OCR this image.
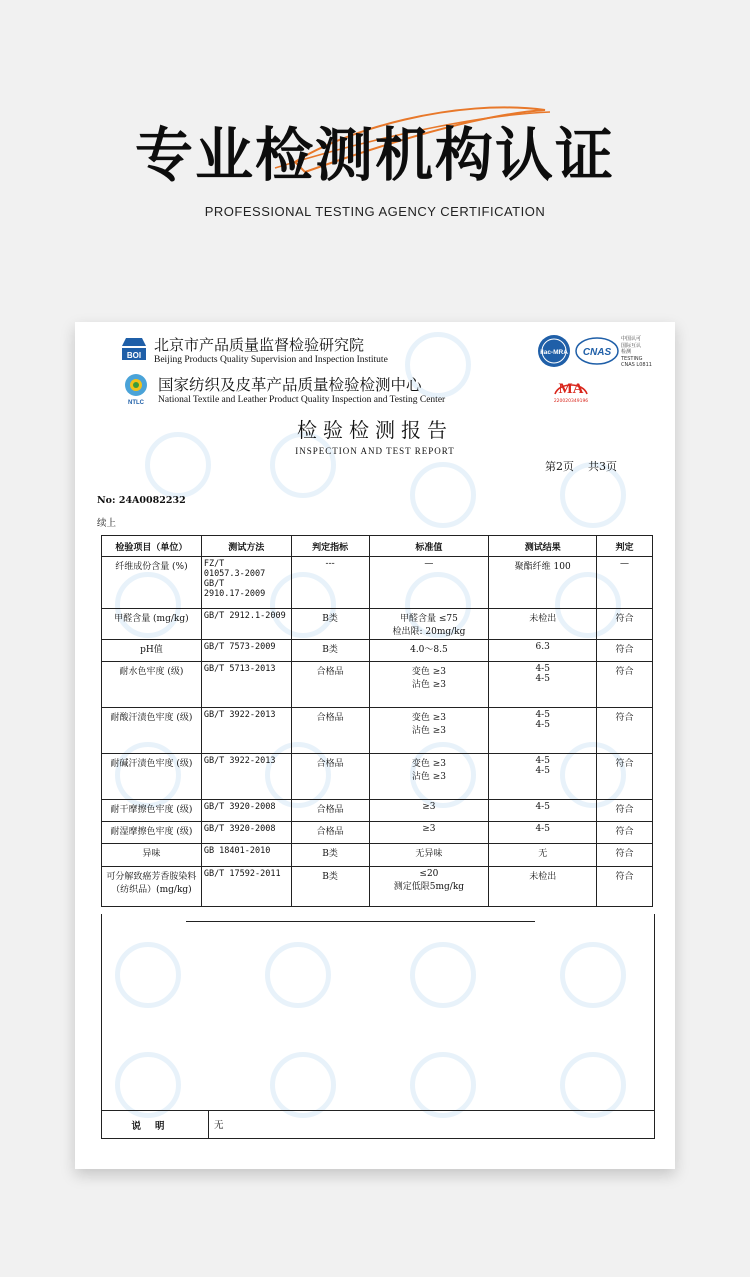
专业检测机构认证
PROFESSIONAL TESTING AGENCY CERTIFICATION
BOI
北京市产品质量监督检验研究院
Beijing Products Quality Supervision and Inspection Institute
NTLC
国家纺织及皮革产品质量检验检测中心
National Textile and Leather Product Quality Inspection and Testing Center
ilac-MRA CNAS
中国认可
国际互认
检测
TESTING
CNAS L0811
MA
220020349196
检验检测报告
INSPECTION AND TEST REPORT
第2页    共3页
No: 24A0082232
续上
检验项目（单位）	测试方法	判定指标	标准值	测试结果	判定
纤维成份含量 (%)	FZ/T
01057.3-2007
GB/T
2910.17-2009	---	—	聚酯纤维 100	—
甲醛含量 (mg/kg)	GB/T 2912.1-2009	B类	甲醛含量 ≤75
检出限: 20mg/kg	未检出	符合
pH值	GB/T 7573-2009	B类	4.0～8.5	6.3	符合
耐水色牢度 (级)	GB/T 5713-2013	合格品	变色 ≥3
沾色 ≥3	4-5
4-5	符合
耐酸汗渍色牢度 (级)	GB/T 3922-2013	合格品	变色 ≥3
沾色 ≥3	4-5
4-5	符合
耐碱汗渍色牢度 (级)	GB/T 3922-2013	合格品	变色 ≥3
沾色 ≥3	4-5
4-5	符合
耐干摩擦色牢度 (级)	GB/T 3920-2008	合格品	≥3	4-5	符合
耐湿摩擦色牢度 (级)	GB/T 3920-2008	合格品	≥3	4-5	符合
异味	GB 18401-2010	B类	无异味	无	符合
可分解致癌芳香胺染料（纺织品）(mg/kg)	GB/T 17592-2011	B类	≤20
测定低限5mg/kg	未检出	符合
说明	无
